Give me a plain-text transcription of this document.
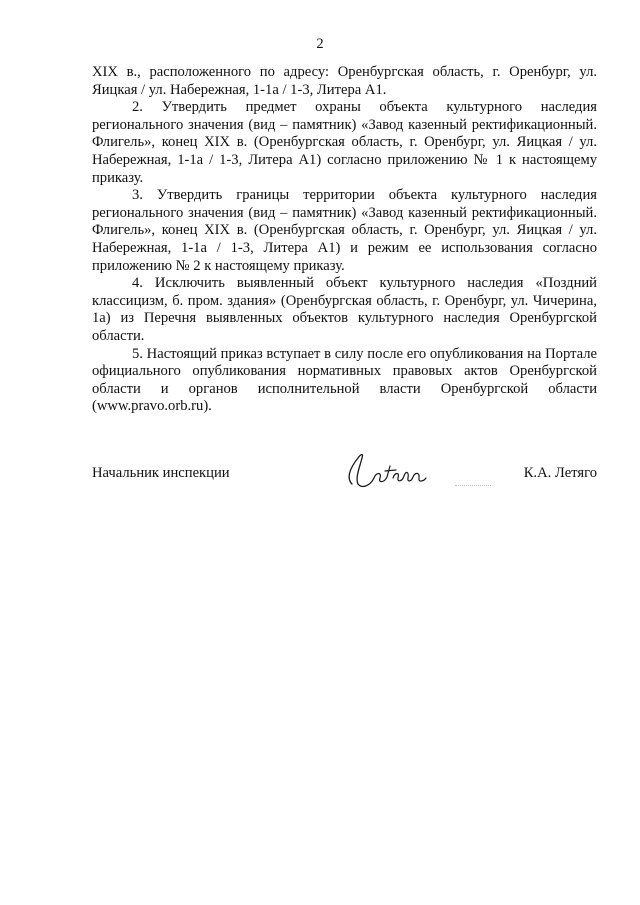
2

XIX в., расположенного по адресу: Оренбургская область, г. Оренбург, ул. Яицкая / ул. Набережная, 1-1а / 1-3, Литера А1.

2. Утвердить предмет охраны объекта культурного наследия регионального значения (вид – памятник) «Завод казенный ректификационный. Флигель», конец XIX в. (Оренбургская область, г. Оренбург, ул. Яицкая / ул. Набережная, 1-1а / 1-3, Литера А1) согласно приложению № 1 к настоящему приказу.

3. Утвердить границы территории объекта культурного наследия регионального значения (вид – памятник) «Завод казенный ректификационный. Флигель», конец XIX в. (Оренбургская область, г. Оренбург, ул. Яицкая / ул. Набережная, 1-1а / 1-3, Литера А1) и режим ее использования согласно приложению № 2 к настоящему приказу.

4. Исключить выявленный объект культурного наследия «Поздний классицизм, б. пром. здания» (Оренбургская область, г. Оренбург, ул. Чичерина, 1а) из Перечня выявленных объектов культурного наследия Оренбургской области.

5. Настоящий приказ вступает в силу после его опубликования на Портале официального опубликования нормативных правовых актов Оренбургской области и органов исполнительной власти Оренбургской области (www.pravo.orb.ru).

Начальник инспекции	К.А. Летяго
